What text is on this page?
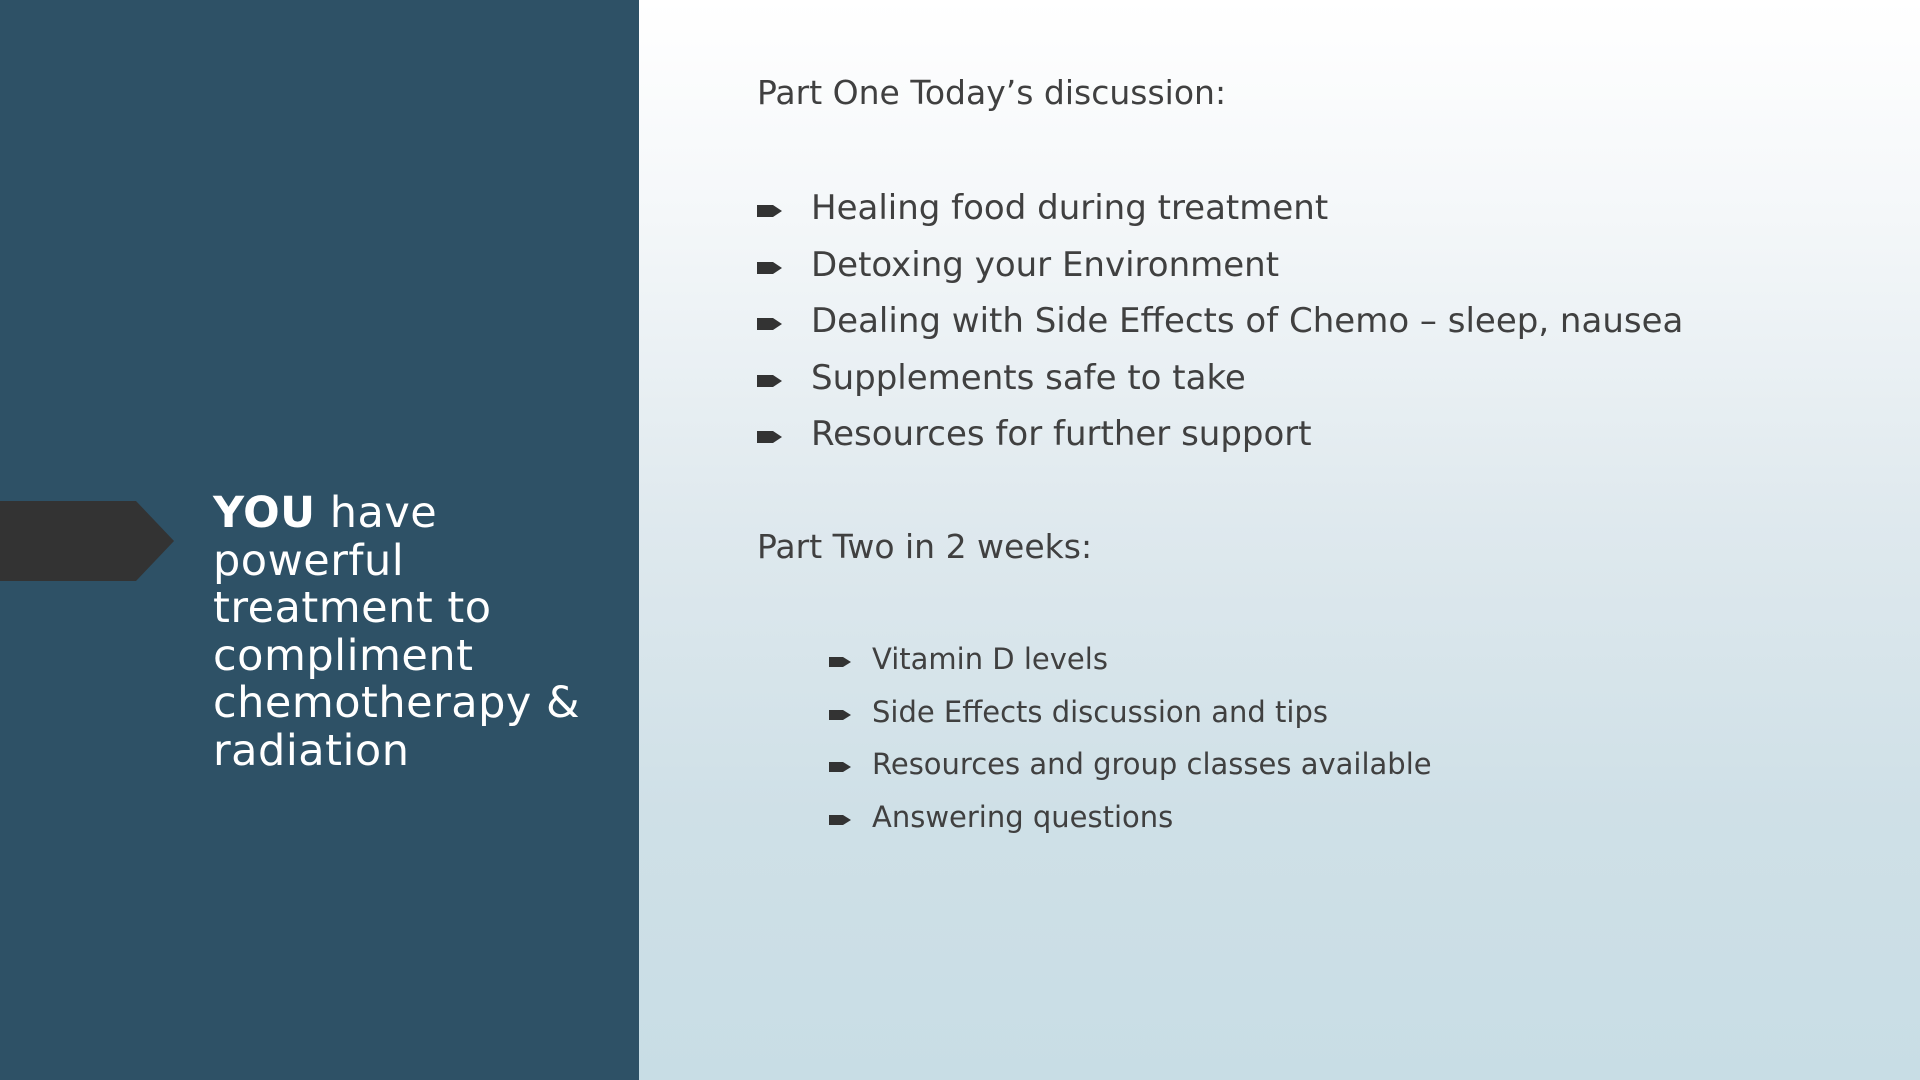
YOU have powerful treatment to compliment chemotherapy & radiation
Part One Today’s discussion:
Healing food during treatment
Detoxing your Environment
Dealing with Side Effects of Chemo – sleep, nausea
Supplements safe to take
Resources for further support
Part Two in 2 weeks:
Vitamin D levels
Side Effects discussion and tips
Resources and group classes available
Answering questions
